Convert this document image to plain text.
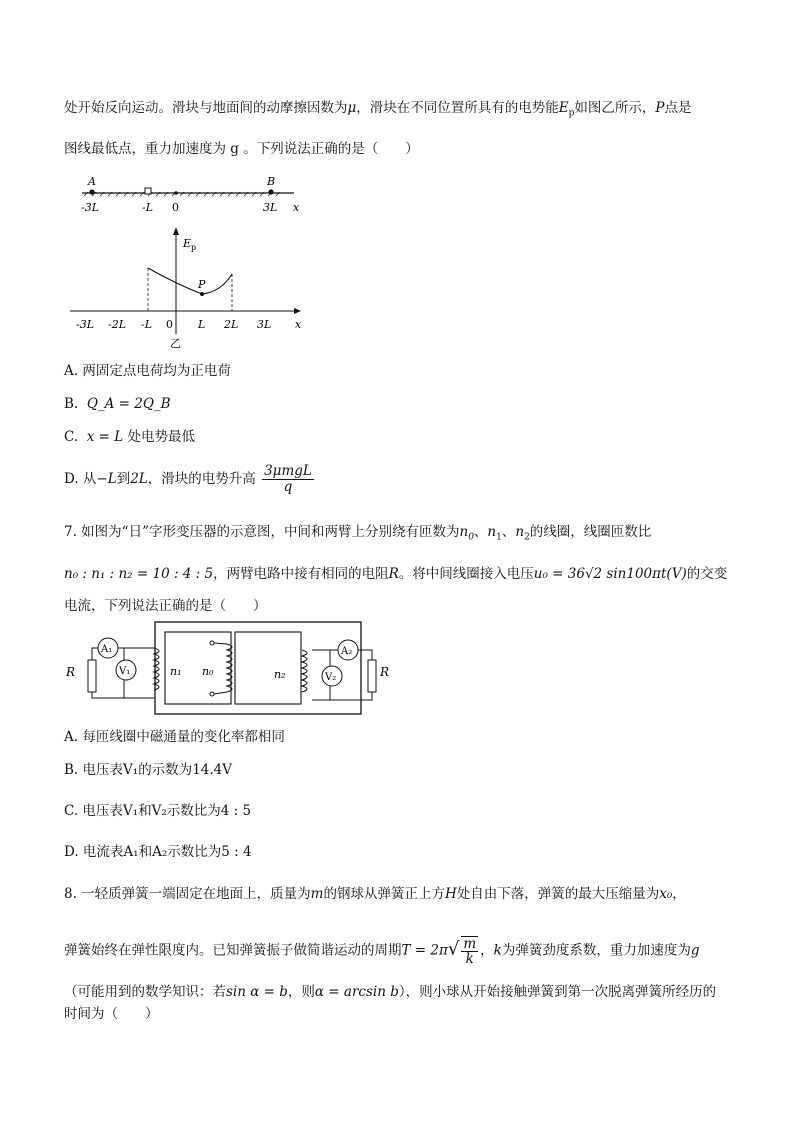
处开始反向运动。滑块与地面间的动摩擦因数为μ，滑块在不同位置所具有的电势能$E_p$如图乙所示，P点是
图线最低点，重力加速度为 g 。下列说法正确的是（　　）
A	B
-3L	-L 0	3L x
$E_p$
P
-3L -2L -L 0 L 2L 3L x
乙
A. 两固定点电荷均为正电荷
B. Q_A = 2Q_B
C. x = L 处电势最低
D. 从−L到2L，滑块的电势升高 $\frac{\text{3μmgL}}{q}$
7. 如图为“日”字形变压器的示意图，中间和两臂上分别绕有匝数为$n_0$、$n_1$、$n_2$的线圈，线圈匝数比
n₀ : n₁ : n₂ = 10 : 4 : 5，两臂电路中接有相同的电阻R。将中间线圈接入电压u₀ = 36√2 sin100πt(V)的交变
电流，下列说法正确的是（　　）
n₁ n₀	n₂
R
A₁
V₁	R
A₂
V₂
A. 每匝线圈中磁通量的变化率都相同
B. 电压表V₁的示数为14.4V
C. 电压表V₁和V₂示数比为4 : 5
D. 电流表A₁和A₂示数比为5 : 4
8. 一轻质弹簧一端固定在地面上，质量为m的钢球从弹簧正上方H处自由下落，弹簧的最大压缩量为x₀，
弹簧始终在弹性限度内。已知弹簧振子做简谐运动的周期$T = 2\pi√ \frac{m}{k}$ ，k为弹簧劲度系数，重力加速度为g
（可能用到的数学知识：若sin α = b，则α = arcsin b），则小球从开始接触弹簧到第一次脱离弹簧所经历的
时间为（　　）
